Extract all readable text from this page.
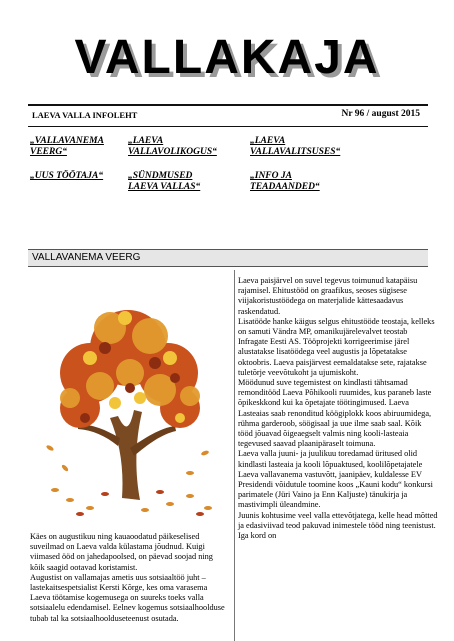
VALLAKAJA
LAEVA VALLA INFOLEHT	Nr 96 / august 2015
„VALLAVANEMA
VEERG“
„LAEVA
VALLAVOLIKOGUS“
„LAEVA
VALLAVALITSUSES“
„UUS TÖÖTAJA“	„SÜNDMUSED
LAEVA VALLAS“
„INFO JA
TEADAANDED“
VALLAVANEMA VEERG
Käes on augustikuu ning kauaoodatud päikeselised suveilmad on Laeva valda külastama jõudnud. Kuigi viimased ööd on jahedapoolsed, on päevad soojad ning kõik saagid ootavad koristamist.
Augustist on vallamajas ametis uus sotsiaaltöö juht – lastekaitsespetsialist Kersti Kõrge, kes oma varasema Laeva töötamise kogemusega on suureks toeks valla sotsiaalelu edendamisel. Eelnev kogemus sotsiaalhoolduse tubab tal ka sotsiaalhoolduseteenust osutada.
Laeva paisjärvel on suvel tegevus toimunud katapäisu rajamisel. Ehitustööd on graafikus, seoses sügisese viijakoristustöödega on materjalide kättesaadavus raskendatud.
Lisatööde hanke käigus selgus ehitustööde teostaja, kelleks on samuti Vändra MP, omanikujärelevalvet teostab Infragate Eesti AS. Tööprojekti korrigeerimise järel alustatakse lisatöödega veel augustis ja lõpetatakse oktoobris. Laeva paisjärvest eemaldatakse sete, rajatakse tuletõrje veevõtukoht ja ujumiskoht.
Möödunud suve tegemistest on kindlasti tähtsamad remonditööd Laeva Põhikooli ruumides, kus paraneb laste õpikeskkond kui ka õpetajate töötingimused. Laeva Lasteaias saab renonditud köögiplokk koos abiruumidega, rühma garderoob, söögisaal ja uue ilme saab saal. Kõik tööd jõuavad õigeaegselt valmis ning kooli-lasteaia tegevused saavad plaanipäraselt toimuna.
Laeva valla juuni- ja juulikuu toredamad üritused olid kindlasti lasteaia ja kooli lõpuaktused, koolilõpetajatele Laeva vallavanema vastuvõtt, jaanipäev, kuldalesse EV Presidendi võidutule toomine koos „Kauni kodu“ konkursi parimatele (Jüri Vaino ja Enn Kaljuste) tänukirja ja mastivimpli üleandmine.
Juunis kohtusime veel valla ettevõtjatega, kelle head mõtted ja edasiviivad teod pakuvad inimestele tööd ning teenistust. Iga kord on
